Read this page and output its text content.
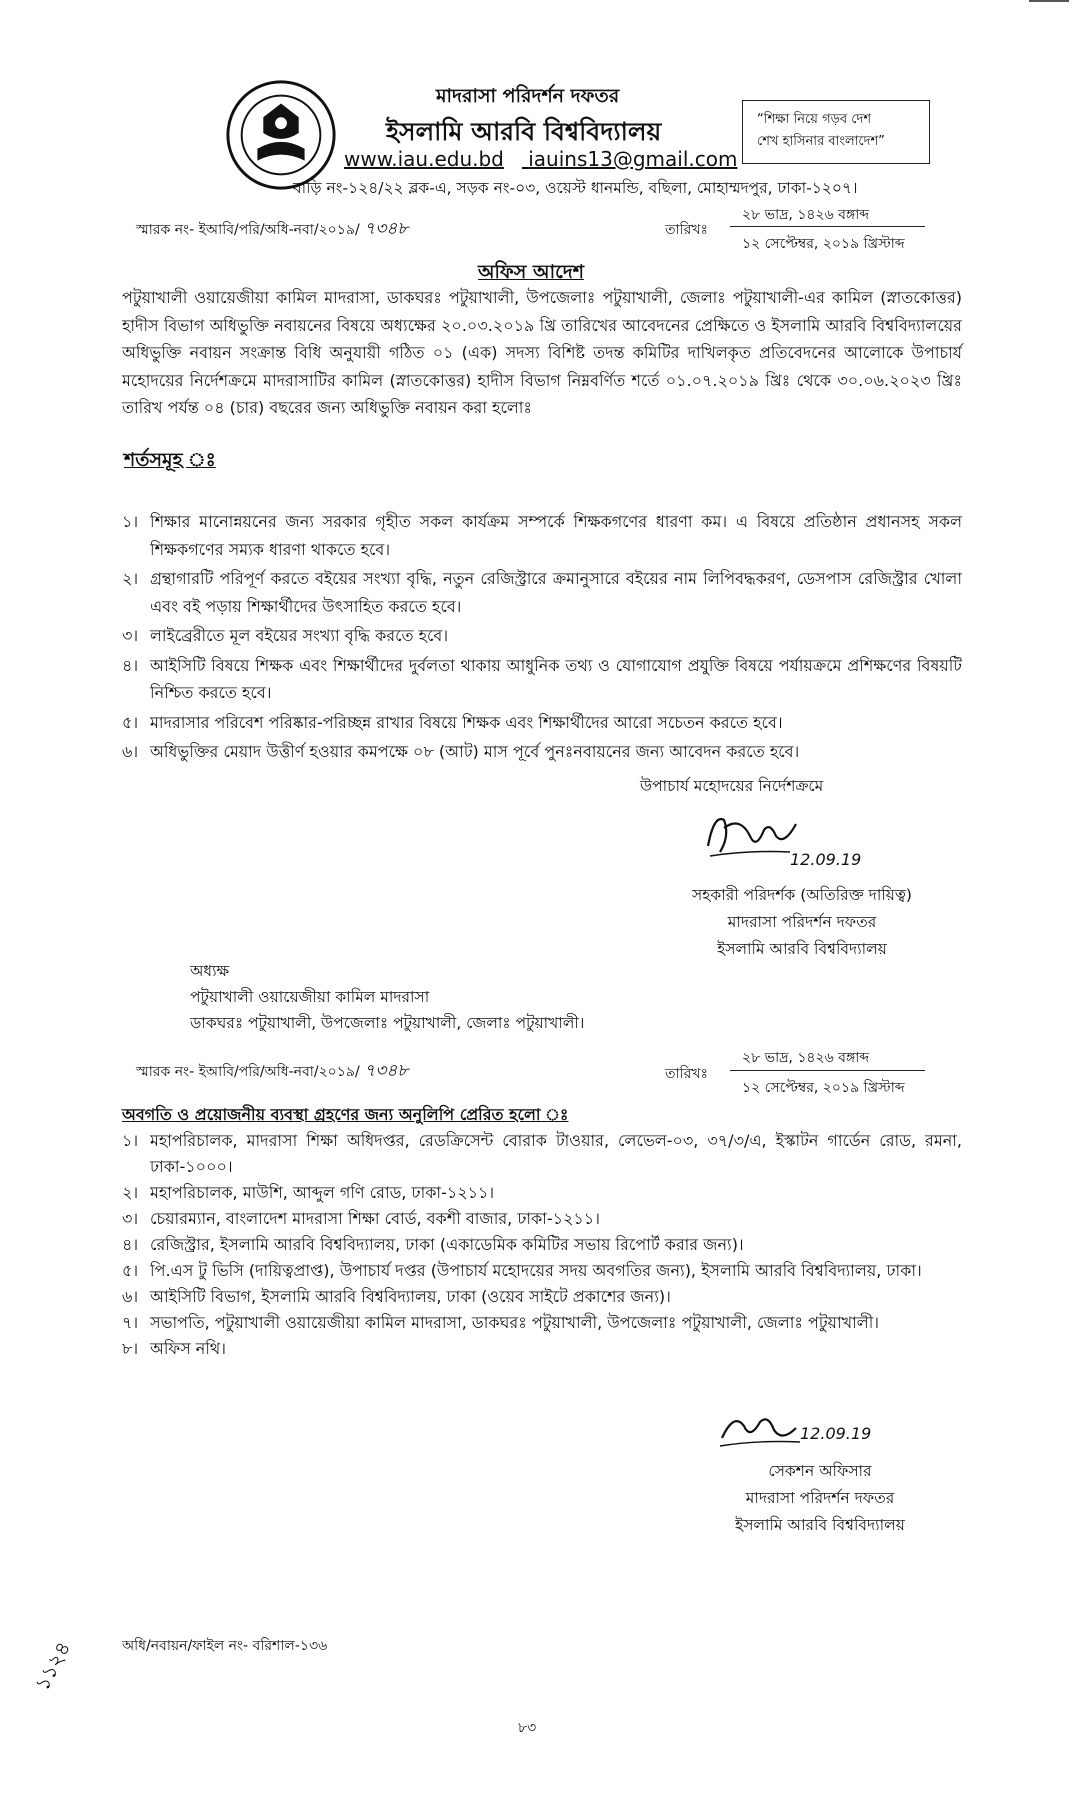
মাদরাসা পরিদর্শন দফতর
ইসলামি আরবি বিশ্ববিদ্যালয়
www.iau.edu.bd iauins13@gmail.com
“শিক্ষা নিয়ে গড়ব দেশ
শেখ হাসিনার বাংলাদেশ”
বাড়ি নং-১২৪/২২ ব্লক-এ, সড়ক নং-০৩, ওয়েস্ট ধানমন্ডি, বছিলা, মোহাম্মদপুর, ঢাকা-১২০৭।
স্মারক নং- ইআবি/পরি/অধি-নবা/২০১৯/ ৭৩৪৮	তারিখঃ
২৮ ভাদ্র, ১৪২৬ বঙ্গাব্দ
১২ সেপ্টেম্বর, ২০১৯ খ্রিস্টাব্দ
অফিস আদেশ
পটুয়াখালী ওয়ায়েজীয়া কামিল মাদরাসা, ডাকঘরঃ পটুয়াখালী, উপজেলাঃ পটুয়াখালী, জেলাঃ পটুয়াখালী-এর কামিল (স্নাতকোত্তর) হাদীস বিভাগ অধিভুক্তি নবায়নের বিষয়ে অধ্যক্ষের ২০.০৩.২০১৯ খ্রি তারিখের আবেদনের প্রেক্ষিতে ও ইসলামি আরবি বিশ্ববিদ্যালয়ের অধিভুক্তি নবায়ন সংক্রান্ত বিধি অনুযায়ী গঠিত ০১ (এক) সদস্য বিশিষ্ট তদন্ত কমিটির দাখিলকৃত প্রতিবেদনের আলোকে উপাচার্য মহোদয়ের নির্দেশক্রমে মাদরাসাটির কামিল (স্নাতকোত্তর) হাদীস বিভাগ নিম্নবর্ণিত শর্তে ০১.০৭.২০১৯ খ্রিঃ থেকে ৩০.০৬.২০২৩ খ্রিঃ তারিখ পর্যন্ত ০৪ (চার) বছরের জন্য অধিভুক্তি নবায়ন করা হলোঃ
শর্তসমূহ ঃ
১। শিক্ষার মানোন্নয়নের জন্য সরকার গৃহীত সকল কার্যক্রম সম্পর্কে শিক্ষকগণের ধারণা কম। এ বিষয়ে প্রতিষ্ঠান প্রধানসহ সকল শিক্ষকগণের সম্যক ধারণা থাকতে হবে।
২। গ্রন্থাগারটি পরিপূর্ণ করতে বইয়ের সংখ্যা বৃদ্ধি, নতুন রেজিস্ট্রারে ক্রমানুসারে বইয়ের নাম লিপিবদ্ধকরণ, ডেসপাস রেজিস্ট্রার খোলা এবং বই পড়ায় শিক্ষার্থীদের উৎসাহিত করতে হবে।
৩। লাইব্রেরীতে মূল বইয়ের সংখ্যা বৃদ্ধি করতে হবে।
৪। আইসিটি বিষয়ে শিক্ষক এবং শিক্ষার্থীদের দুর্বলতা থাকায় আধুনিক তথ্য ও যোগাযোগ প্রযুক্তি বিষয়ে পর্যায়ক্রমে প্রশিক্ষণের বিষয়টি নিশ্চিত করতে হবে।
৫। মাদরাসার পরিবেশ পরিষ্কার-পরিচ্ছন্ন রাখার বিষয়ে শিক্ষক এবং শিক্ষার্থীদের আরো সচেতন করতে হবে।
৬। অধিভুক্তির মেয়াদ উত্তীর্ণ হওয়ার কমপক্ষে ০৮ (আট) মাস পূর্বে পুনঃনবায়নের জন্য আবেদন করতে হবে।
উপাচার্য মহোদয়ের নির্দেশক্রমে
12.09.19
সহকারী পরিদর্শক (অতিরিক্ত দায়িত্ব)
মাদরাসা পরিদর্শন দফতর
ইসলামি আরবি বিশ্ববিদ্যালয়
অধ্যক্ষ
পটুয়াখালী ওয়ায়েজীয়া কামিল মাদরাসা
ডাকঘরঃ পটুয়াখালী, উপজেলাঃ পটুয়াখালী, জেলাঃ পটুয়াখালী।
স্মারক নং- ইআবি/পরি/অধি-নবা/২০১৯/ ৭৩৪৮	তারিখঃ
২৮ ভাদ্র, ১৪২৬ বঙ্গাব্দ
১২ সেপ্টেম্বর, ২০১৯ খ্রিস্টাব্দ
অবগতি ও প্রয়োজনীয় ব্যবস্থা গ্রহণের জন্য অনুলিপি প্রেরিত হলো ঃ
১। মহাপরিচালক, মাদরাসা শিক্ষা অধিদপ্তর, রেডক্রিসেন্ট বোরাক টাওয়ার, লেভেল-০৩, ৩৭/৩/এ, ইস্কাটন গার্ডেন রোড, রমনা, ঢাকা-১০০০।
২। মহাপরিচালক, মাউশি, আব্দুল গণি রোড, ঢাকা-১২১১।
৩। চেয়ারম্যান, বাংলাদেশ মাদরাসা শিক্ষা বোর্ড, বকশী বাজার, ঢাকা-১২১১।
৪। রেজিস্ট্রার, ইসলামি আরবি বিশ্ববিদ্যালয়, ঢাকা (একাডেমিক কমিটির সভায় রিপোর্ট করার জন্য)।
৫। পি.এস টু ভিসি (দায়িত্বপ্রাপ্ত), উপাচার্য দপ্তর (উপাচার্য মহোদয়ের সদয় অবগতির জন্য), ইসলামি আরবি বিশ্ববিদ্যালয়, ঢাকা।
৬। আইসিটি বিভাগ, ইসলামি আরবি বিশ্ববিদ্যালয়, ঢাকা (ওয়েব সাইটে প্রকাশের জন্য)।
৭। সভাপতি, পটুয়াখালী ওয়ায়েজীয়া কামিল মাদরাসা, ডাকঘরঃ পটুয়াখালী, উপজেলাঃ পটুয়াখালী, জেলাঃ পটুয়াখালী।
৮। অফিস নথি।
12.09.19
সেকশন অফিসার
মাদরাসা পরিদর্শন দফতর
ইসলামি আরবি বিশ্ববিদ্যালয়
অধি/নবায়ন/ফাইল নং- বরিশাল-১৩৬
৮৩
১১২৪
